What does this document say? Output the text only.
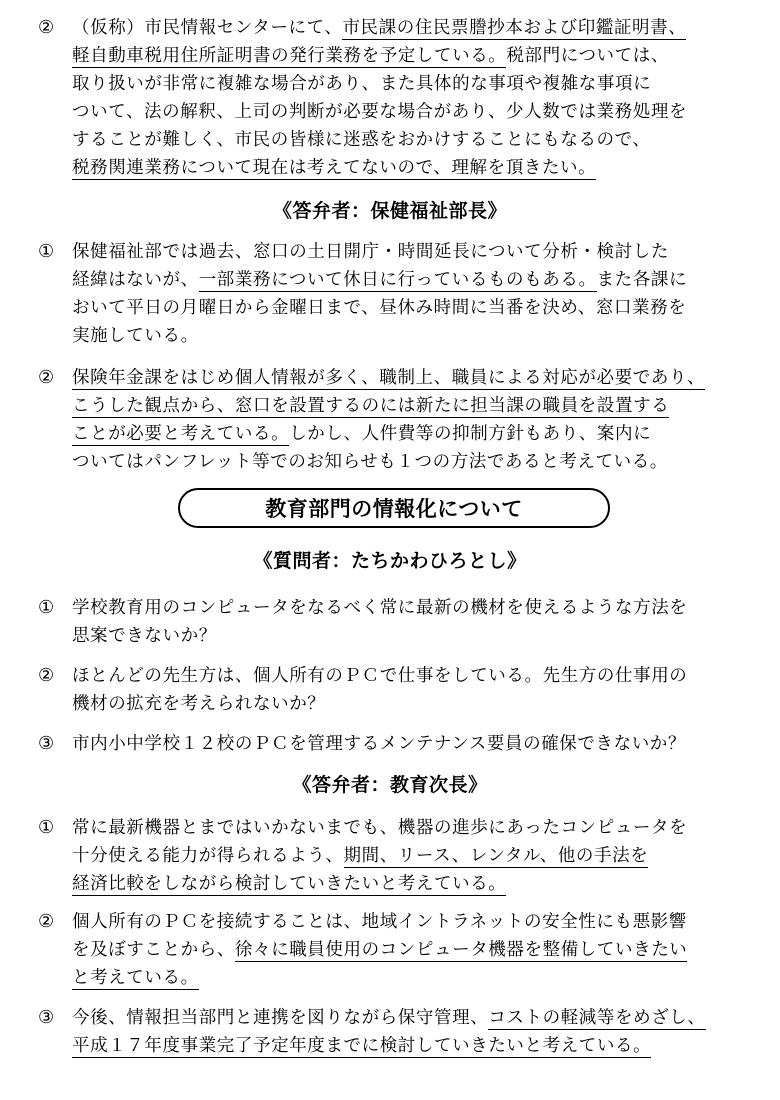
②	（仮称）市民情報センターにて、市民課の住民票謄抄本および印鑑証明書、
軽自動車税用住所証明書の発行業務を予定している。税部門については、
取り扱いが非常に複雑な場合があり、また具体的な事項や複雑な事項に
ついて、法の解釈、上司の判断が必要な場合があり、少人数では業務処理を
することが難しく、市民の皆様に迷惑をおかけすることにもなるので、
税務関連業務について現在は考えてないので、理解を頂きたい。
《答弁者：保健福祉部長》
①	保健福祉部では過去、窓口の土日開庁・時間延長について分析・検討した
経緯はないが、一部業務について休日に行っているものもある。また各課に
おいて平日の月曜日から金曜日まで、昼休み時間に当番を決め、窓口業務を
実施している。
②	保険年金課をはじめ個人情報が多く、職制上、職員による対応が必要であり、
こうした観点から、窓口を設置するのには新たに担当課の職員を設置する
ことが必要と考えている。しかし、人件費等の抑制方針もあり、案内に
ついてはパンフレット等でのお知らせも１つの方法であると考えている。
教育部門の情報化について
《質問者：たちかわひろとし》
①	学校教育用のコンピュータをなるべく常に最新の機材を使えるような方法を
思案できないか？
②	ほとんどの先生方は、個人所有のＰＣで仕事をしている。先生方の仕事用の
機材の拡充を考えられないか？
③	市内小中学校１２校のＰＣを管理するメンテナンス要員の確保できないか？
《答弁者：教育次長》
①	常に最新機器とまではいかないまでも、機器の進歩にあったコンピュータを
十分使える能力が得られるよう、期間、リース、レンタル、他の手法を
経済比較をしながら検討していきたいと考えている。
②	個人所有のＰＣを接続することは、地域イントラネットの安全性にも悪影響
を及ぼすことから、徐々に職員使用のコンピュータ機器を整備していきたい
と考えている。
③	今後、情報担当部門と連携を図りながら保守管理、コストの軽減等をめざし、
平成１７年度事業完了予定年度までに検討していきたいと考えている。
